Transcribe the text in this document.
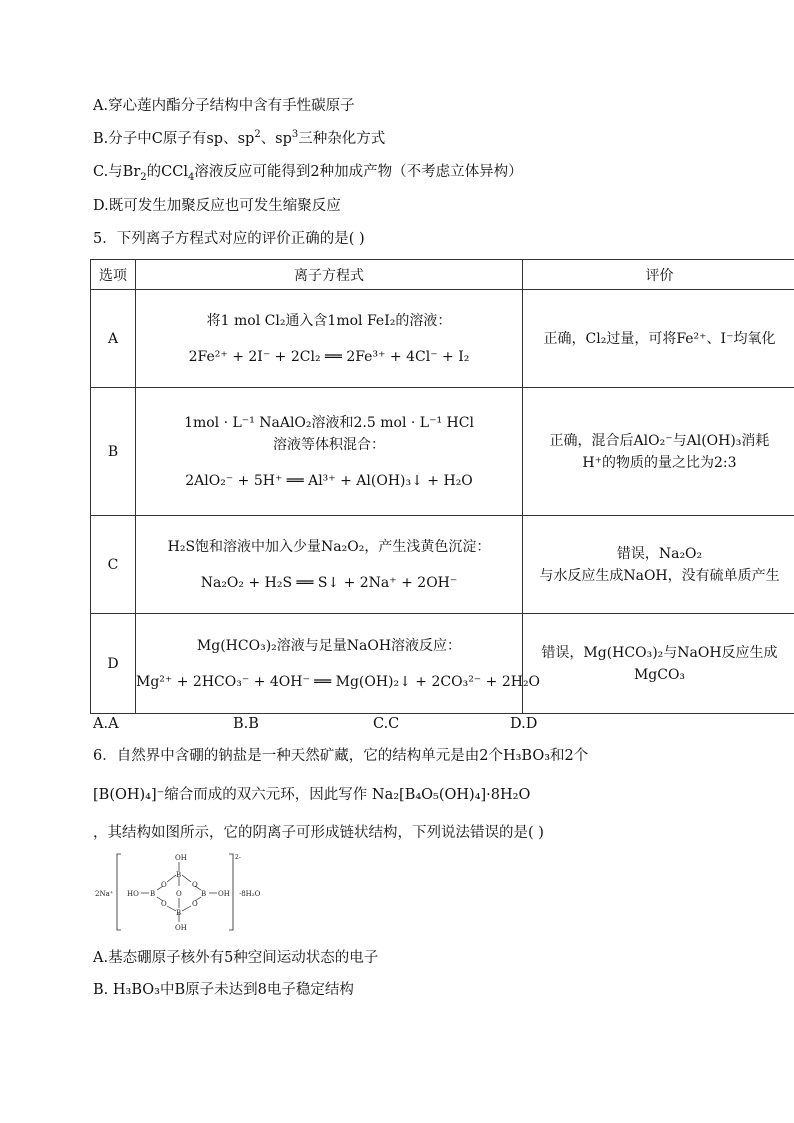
A.穿心莲内酯分子结构中含有手性碳原子
B.分子中C原子有sp、$sp^2$、$sp^3$三种杂化方式
C.与$Br_2$的CCl$_4$溶液反应可能得到2种加成产物（不考虑立体异构）
D.既可发生加聚反应也可发生缩聚反应
5．下列离子方程式对应的评价正确的是( )
选项	离子方程式	评价
A	将1 mol Cl₂通入含1mol FeI₂的溶液：
2Fe²⁺ + 2I⁻ + 2Cl₂ ══ 2Fe³⁺ + 4Cl⁻ + I₂	正确，Cl₂过量，可将Fe²⁺、I⁻均氧化

B	1mol · L⁻¹ NaAlO₂溶液和2.5 mol · L⁻¹ HCl
溶液等体积混合：
2AlO₂⁻ + 5H⁺ ══ Al³⁺ + Al(OH)₃↓ + H₂O	正确，混合后AlO₂⁻与Al(OH)₃消耗
H⁺的物质的量之比为2:3

C	H₂S饱和溶液中加入少量Na₂O₂，产生浅黄色沉淀：
Na₂O₂ + H₂S ══ S↓ + 2Na⁺ + 2OH⁻	错误，Na₂O₂
与水反应生成NaOH，没有硫单质产生

D	Mg(HCO₃)₂溶液与足量NaOH溶液反应：
Mg²⁺ + 2HCO₃⁻ + 4OH⁻ ══ Mg(OH)₂↓ + 2CO₃²⁻ + 2H₂O	错误，Mg(HCO₃)₂与NaOH反应生成
MgCO₃
A.A	B.B	C.C	D.D
6．自然界中含硼的钠盐是一种天然矿藏，它的结构单元是由2个H₃BO₃和2个
[B(OH)₄]⁻缩合而成的双六元环，因此写作 Na₂[B₄O₅(OH)₄]·8H₂O
，其结构如图所示，它的阴离子可形成链状结构，下列说法错误的是( )
2Na⁺
2-
·8H₂O
OH
B
O	O
O
B	B
HO	OH
O	O
B
OH
A.基态硼原子核外有5种空间运动状态的电子
B. H₃BO₃中B原子未达到8电子稳定结构
